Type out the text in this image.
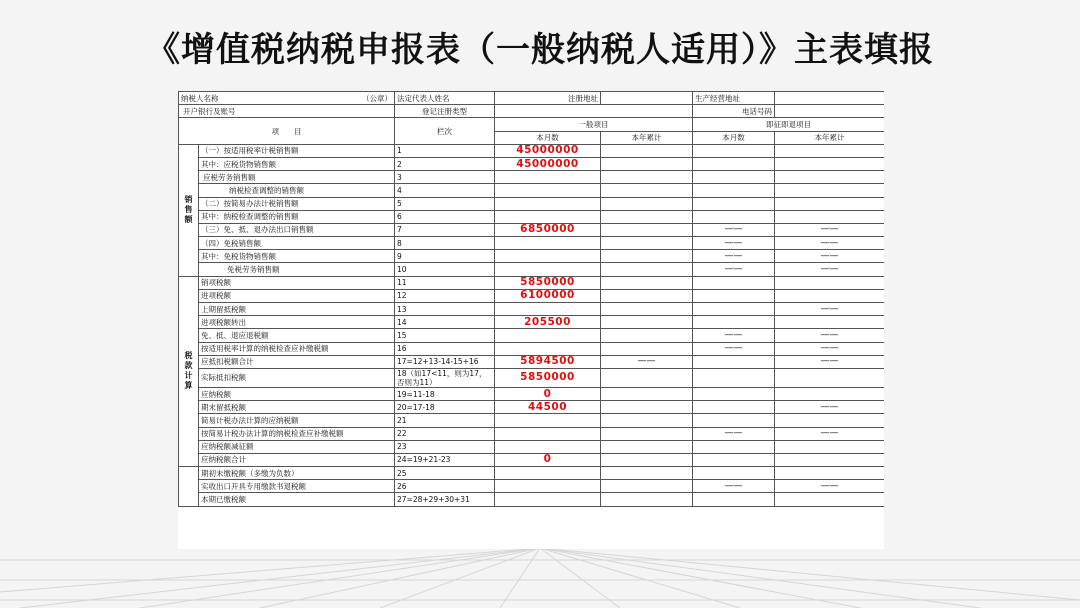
《增值税纳税申报表（一般纳税人适用）》主表填报
纳税人名称 （公章）		法定代表人姓名	注册地址		生产经营地址	
开户银行及账号		登记注册类型			电话号码	
项　　目		栏次	一般项目		即征即退项目	
			本月数	本年累计	本月数	本年累计
销售额	（一）按适用税率计税销售额	1	45000000			
	其中：应税货物销售额	2	45000000			
	应税劳务销售额	3				
	纳税检查调整的销售额	4				
	（二）按简易办法计税销售额	5				
	其中：纳税检查调整的销售额	6				
	（三）免、抵、退办法出口销售额	7	6850000		——	——
	（四）免税销售额	8			——	——
	其中：免税货物销售额	9			——	——
	免税劳务销售额	10			——	——
税款计算	销项税额	11	5850000			
	进项税额	12	6100000			
	上期留抵税额	13				——
	进项税额转出	14	205500			
	免、抵、退应退税额	15			——	——
	按适用税率计算的纳税检查应补缴税额	16			——	——
	应抵扣税额合计	17=12+13-14-15+16	5894500	——		——
	实际抵扣税额	18（如17<11，则为17，否则为11）	5850000			
	应纳税额	19=11-18	0			
	期末留抵税额	20=17-18	44500			——
	简易计税办法计算的应纳税额	21				
	按简易计税办法计算的纳税检查应补缴税额	22			——	——
	应纳税额减征额	23				
	应纳税额合计	24=19+21-23	0			
	期初未缴税额（多缴为负数）	25				
	实收出口开具专用缴款书退税额	26			——	——
	本期已缴税额	27=28+29+30+31				
